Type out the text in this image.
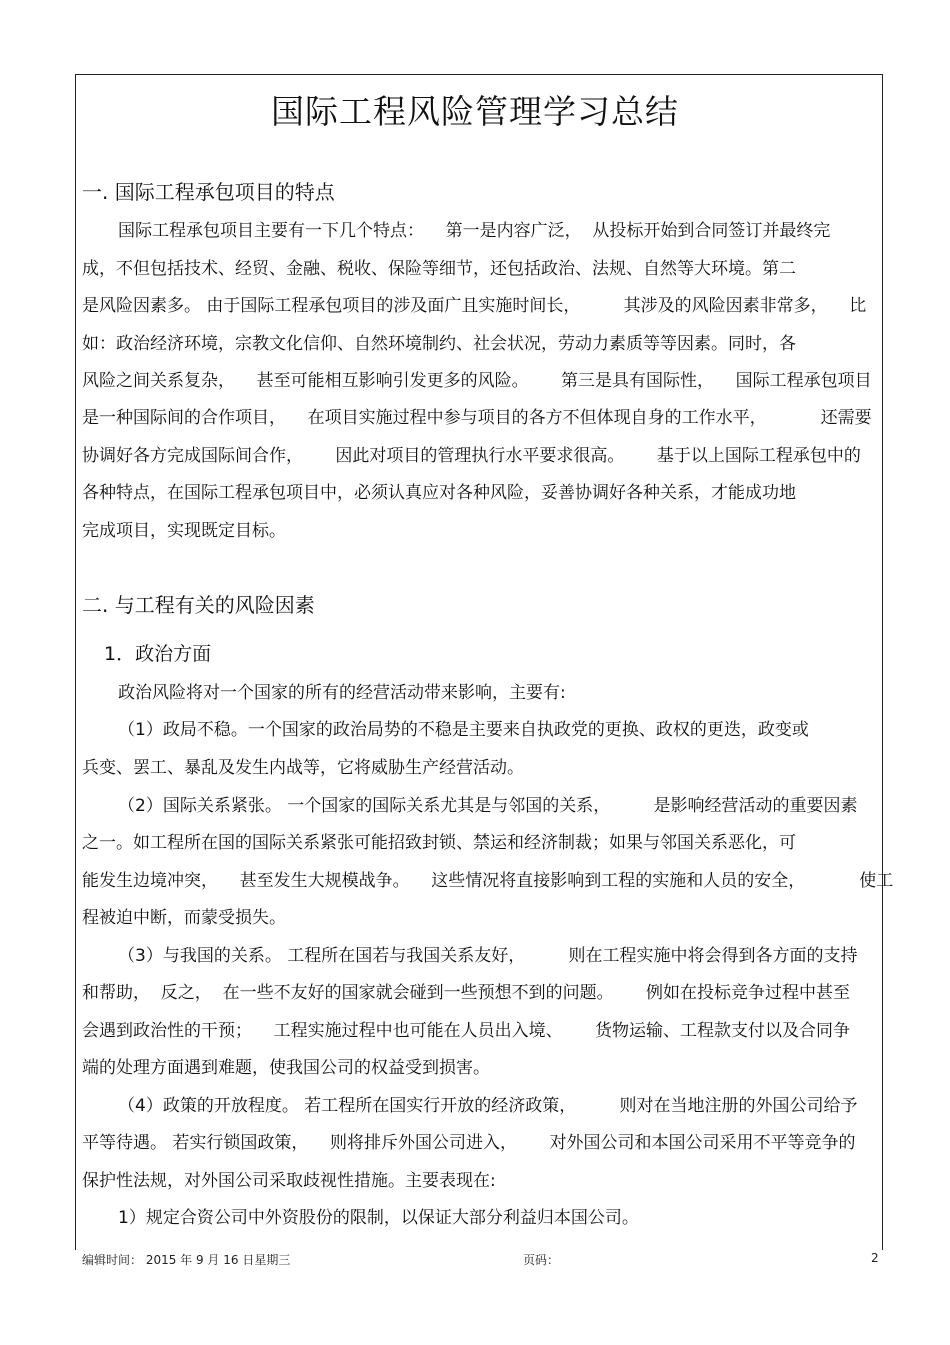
国际工程风险管理学习总结
一. 国际工程承包项目的特点
国际工程承包项目主要有一下几个特点：    第一是内容广泛，  从投标开始到合同签订并最终完
成，不但包括技术、经贸、金融、税收、保险等细节，还包括政治、法规、自然等大环境。第二
是风险因素多。 由于国际工程承包项目的涉及面广且实施时间长，        其涉及的风险因素非常多，    比
如：政治经济环境，宗教文化信仰、自然环境制约、社会状况，劳动力素质等等因素。同时，各
风险之间关系复杂，    甚至可能相互影响引发更多的风险。      第三是具有国际性，    国际工程承包项目
是一种国际间的合作项目，    在项目实施过程中参与项目的各方不但体现自身的工作水平，          还需要
协调好各方完成国际间合作，      因此对项目的管理执行水平要求很高。      基于以上国际工程承包中的
各种特点，在国际工程承包项目中，必须认真应对各种风险，妥善协调好各种关系，才能成功地
完成项目，实现既定目标。
二. 与工程有关的风险因素
1．政治方面
政治风险将对一个国家的所有的经营活动带来影响，主要有:
（1）政局不稳。一个国家的政治局势的不稳是主要来自执政党的更换、政权的更迭，政变或
兵变、罢工、暴乱及发生内战等，它将威胁生产经营活动。
（2）国际关系紧张。 一个国家的国际关系尤其是与邻国的关系，        是影响经营活动的重要因素
之一。如工程所在国的国际关系紧张可能招致封锁、禁运和经济制裁；如果与邻国关系恶化，可
能发生边境冲突，    甚至发生大规模战争。    这些情况将直接影响到工程的实施和人员的安全，          使工
程被迫中断，而蒙受损失。
（3）与我国的关系。 工程所在国若与我国关系友好，        则在工程实施中将会得到各方面的支持
和帮助，  反之，  在一些不友好的国家就会碰到一些预想不到的问题。      例如在投标竞争过程中甚至
会遇到政治性的干预；    工程实施过程中也可能在人员出入境、      货物运输、工程款支付以及合同争
端的处理方面遇到难题，使我国公司的权益受到损害。
（4）政策的开放程度。 若工程所在国实行开放的经济政策，        则对在当地注册的外国公司给予
平等待遇。 若实行锁国政策，    则将排斥外国公司进入，      对外国公司和本国公司采用不平等竞争的
保护性法规，对外国公司采取歧视性措施。主要表现在:
1）规定合资公司中外资股份的限制，以保证大部分利益归本国公司。
编辑时间： 2015 年 9 月 16 日星期三	页码：	2
